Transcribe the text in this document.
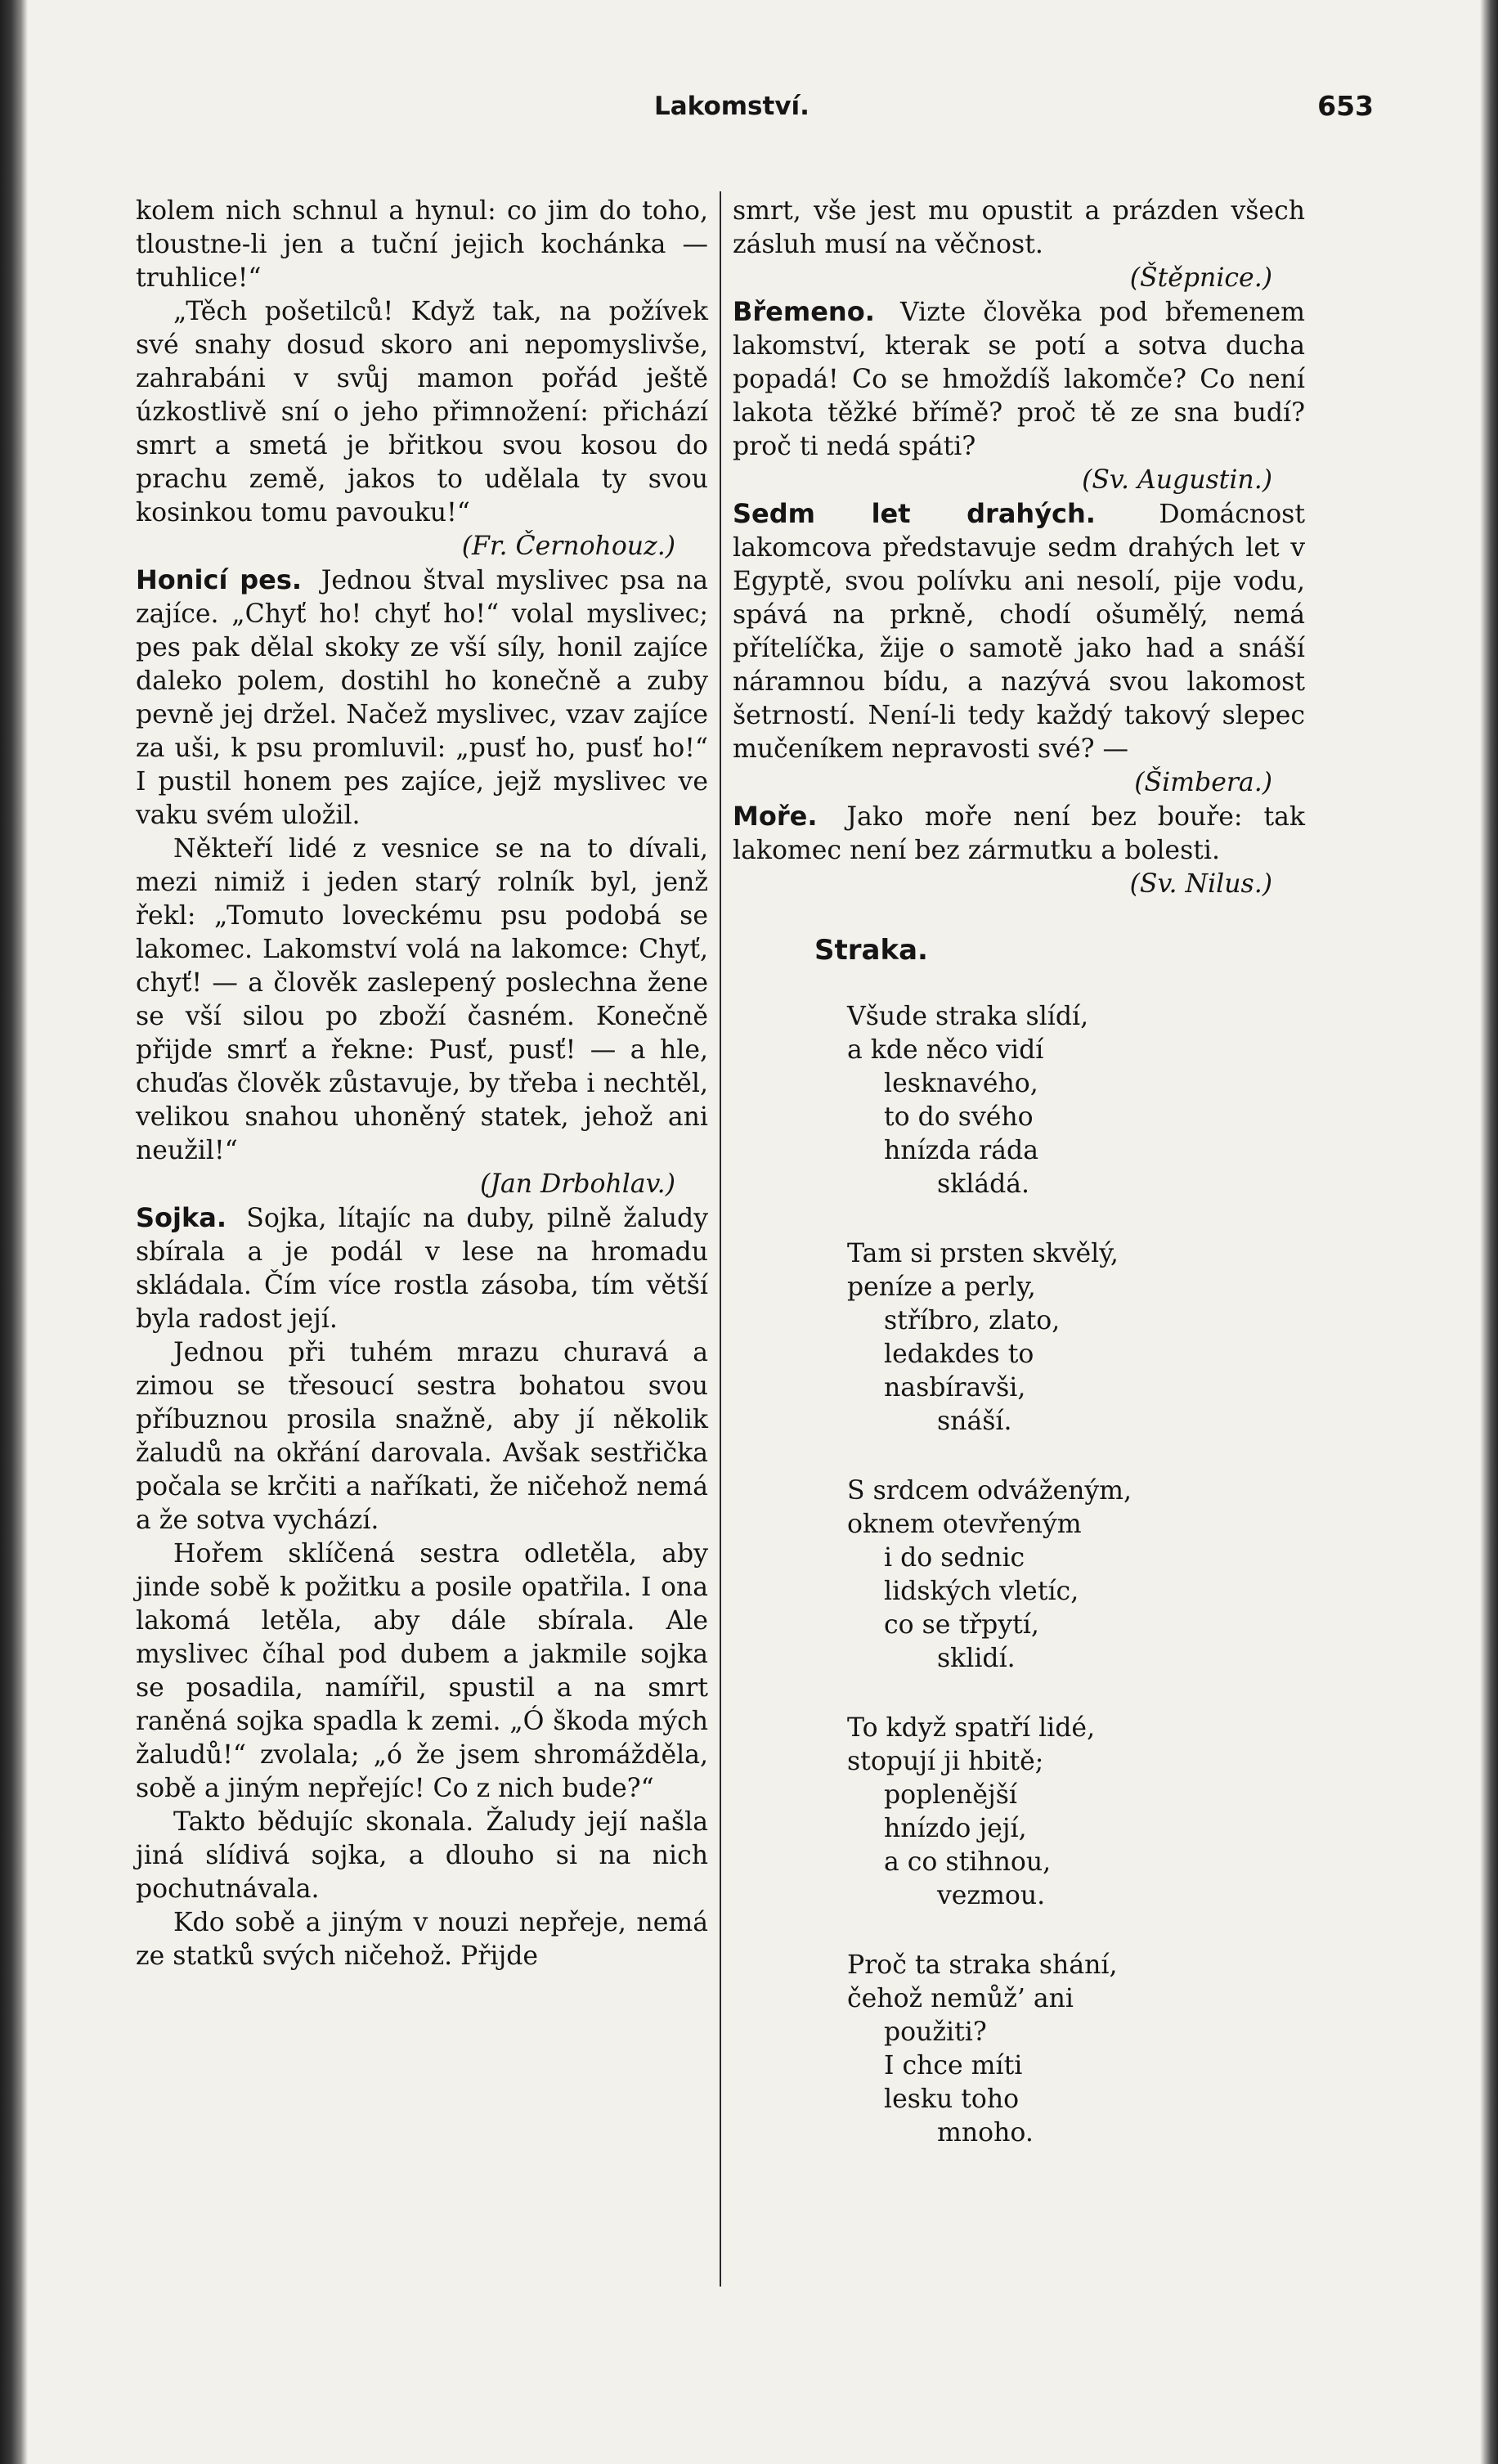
Lakomství.	653

kolem nich schnul a hynul: co jim do toho, tloustne-li jen a tuční jejich kochánka — truhlice!“

„Těch pošetilců! Když tak, na požívek své snahy dosud skoro ani nepomyslivše, zahrabáni v svůj mamon pořád ještě úzkostlivě sní o jeho přimnožení: přichází smrt a smetá je břitkou svou kosou do prachu země, jakos to udělala ty svou kosinkou tomu pavouku!“
(Fr. Černohouz.)

Honicí pes. Jednou štval myslivec psa na zajíce. „Chyť ho! chyť ho!“ volal myslivec; pes pak dělal skoky ze vší síly, honil zajíce daleko polem, dostihl ho konečně a zuby pevně jej držel. Načež myslivec, vzav zajíce za uši, k psu promluvil: „pusť ho, pusť ho!“ I pustil honem pes zajíce, jejž myslivec ve vaku svém uložil.

Někteří lidé z vesnice se na to dívali, mezi nimiž i jeden starý rolník byl, jenž řekl: „Tomuto loveckému psu podobá se lakomec. Lakomství volá na lakomce: Chyť, chyť! — a člověk zaslepený poslechna žene se vší silou po zboží časném. Konečně přijde smrť a řekne: Pusť, pusť! — a hle, chuďas člověk zůstavuje, by třeba i nechtěl, velikou snahou uhoněný statek, jehož ani neužil!“
(Jan Drbohlav.)

Sojka. Sojka, lítajíc na duby, pilně žaludy sbírala a je podál v lese na hromadu skládala. Čím více rostla zásoba, tím větší byla radost její.

Jednou při tuhém mrazu churavá a zimou se třesoucí sestra bohatou svou příbuznou prosila snažně, aby jí několik žaludů na okřání darovala. Avšak sestřička počala se krčiti a naříkati, že ničehož nemá a že sotva vychází.

Hořem sklíčená sestra odletěla, aby jinde sobě k požitku a posile opatřila. I ona lakomá letěla, aby dále sbírala. Ale myslivec číhal pod dubem a jakmile sojka se posadila, namířil, spustil a na smrt raněná sojka spadla k zemi. „Ó škoda mých žaludů!“ zvolala; „ó že jsem shromážděla, sobě a jiným nepřejíc! Co z nich bude?“

Takto bědujíc skonala. Žaludy její našla jiná slídivá sojka, a dlouho si na nich pochutnávala.

Kdo sobě a jiným v nouzi nepřeje, nemá ze statků svých ničehož. Přijde

smrt, vše jest mu opustit a prázden všech zásluh musí na věčnost.
(Štěpnice.)

Břemeno. Vizte člověka pod břemenem lakomství, kterak se potí a sotva ducha popadá! Co se hmoždíš lakomče? Co není lakota těžké břímě? proč tě ze sna budí? proč ti nedá spáti?
(Sv. Augustin.)

Sedm let drahých. Domácnost lakomcova představuje sedm drahých let v Egyptě, svou polívku ani nesolí, pije vodu, spává na prkně, chodí ošumělý, nemá přítelíčka, žije o samotě jako had a snáší náramnou bídu, a nazývá svou lakomost šetrností. Není-li tedy každý takový slepec mučeníkem nepravosti své? —
(Šimbera.)

Moře. Jako moře není bez bouře: tak lakomec není bez zármutku a bolesti.
(Sv. Nilus.)

Straka.
Všude straka slídí,
a kde něco vidí
lesknavého,
to do svého
hnízda ráda
skládá.
Tam si prsten skvělý,
peníze a perly,
stříbro, zlato,
ledakdes to
nasbíravši,
snáší.
S srdcem odváženým,
oknem otevřeným
i do sednic
lidských vletíc,
co se třpytí,
sklidí.
To když spatří lidé,
stopují ji hbitě;
poplenější
hnízdo její,
a co stihnou,
vezmou.
Proč ta straka shání,
čehož nemůž’ ani
použiti?
I chce míti
lesku toho
mnoho.
